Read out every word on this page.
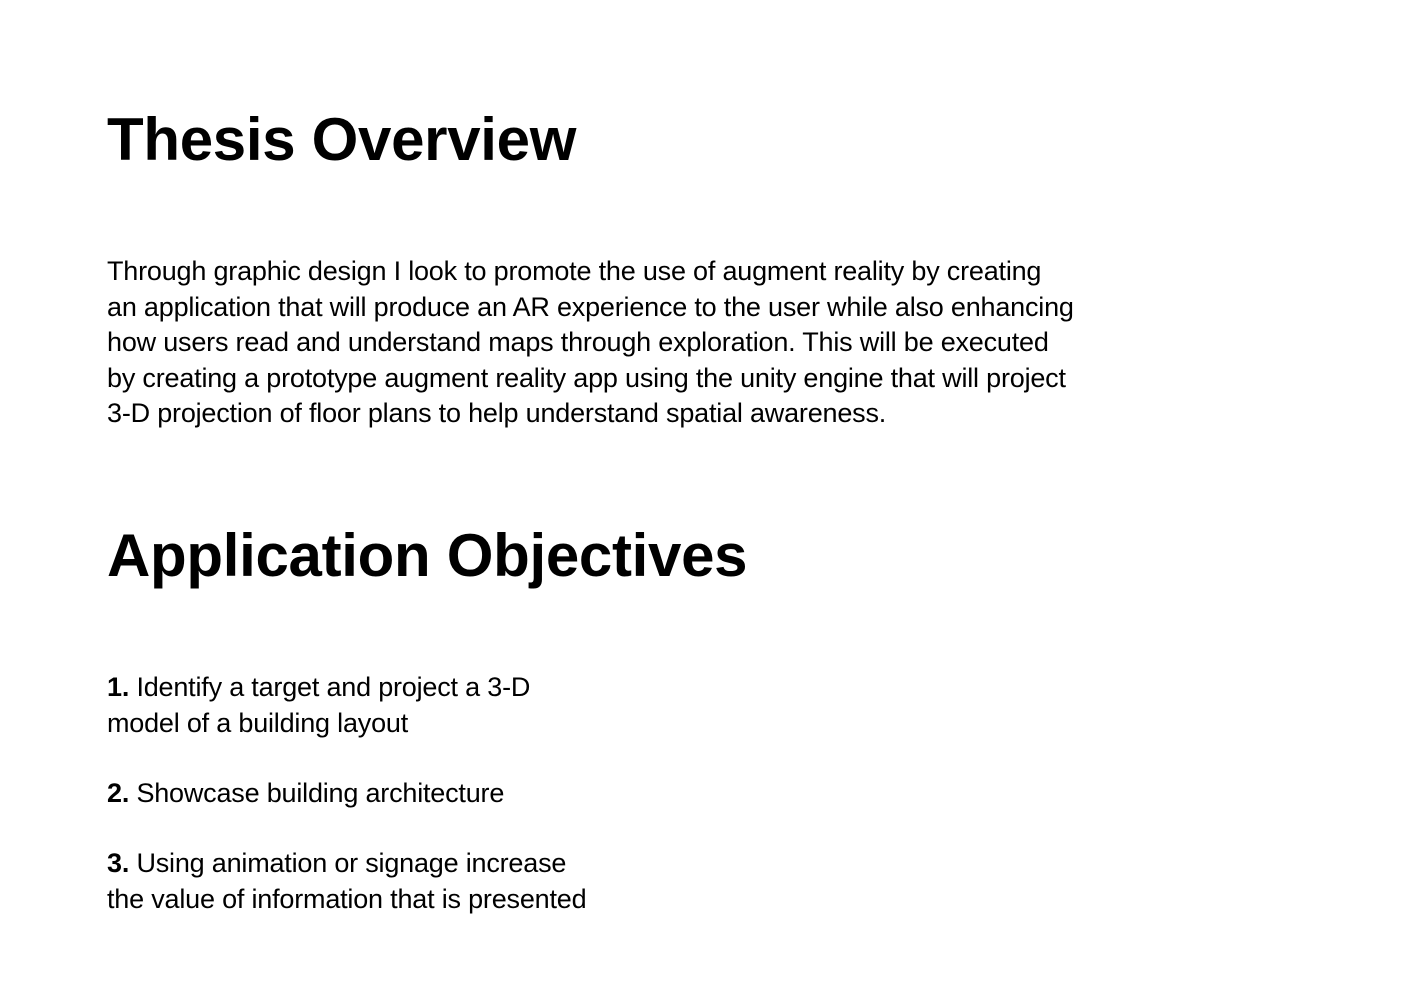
Thesis Overview

Through graphic design I look to promote the use of augment reality by creating
an application that will produce an AR experience to the user while also enhancing
how users read and understand maps through exploration. This will be executed
by creating a prototype augment reality app using the unity engine that will project
3-D projection of floor plans to help understand spatial awareness.

Application Objectives
1. Identify a target and project a 3-D
model of a building layout
2. Showcase building architecture
3. Using animation or signage increase
the value of information that is presented
